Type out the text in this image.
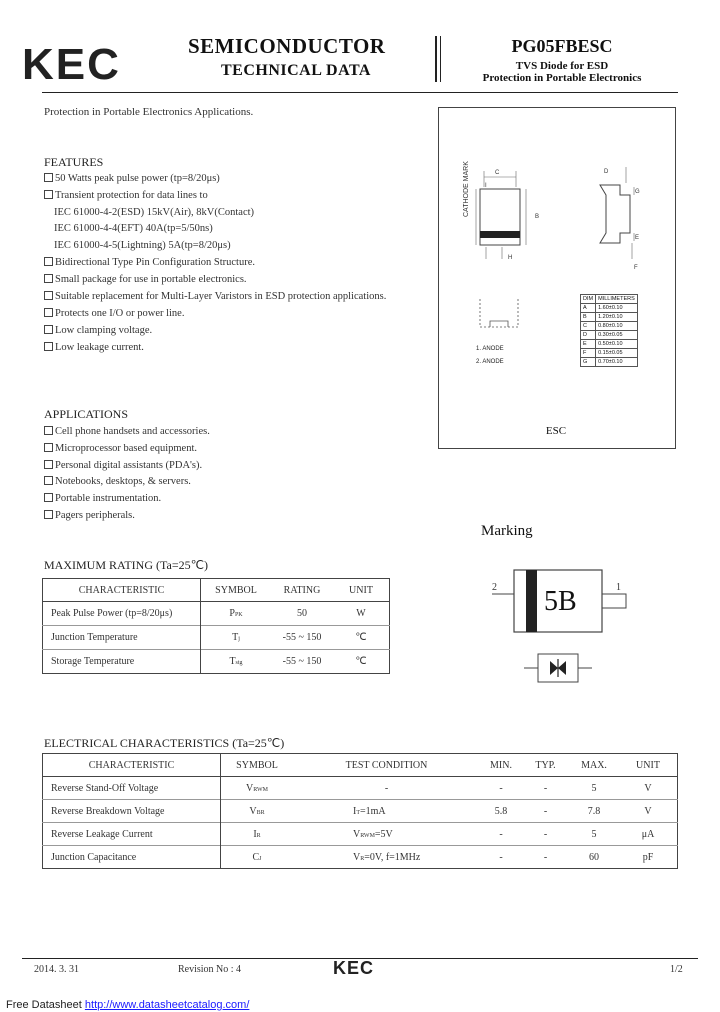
KEC	SEMICONDUCTOR
TECHNICAL DATA
PG05FBESC
TVS Diode for ESD
Protection in Portable Electronics
Protection in Portable Electronics Applications.
FEATURES
50 Watts peak pulse power (tp=8/20μs)
Transient protection for data lines to
IEC 61000-4-2(ESD) 15kV(Air), 8kV(Contact)
IEC 61000-4-4(EFT) 40A(tp=5/50ns)
IEC 61000-4-5(Lightning) 5A(tp=8/20μs)
Bidirectional Type Pin Configuration Structure.
Small package for use in portable electronics.
Suitable replacement for Multi-Layer Varistors in ESD protection applications.
Protects one I/O or power line.
Low clamping voltage.
Low leakage current.
APPLICATIONS
Cell phone handsets and accessories.
Microprocessor based equipment.
Personal digital assistants (PDA's).
Notebooks, desktops, & servers.
Portable instrumentation.
Pagers peripherals.
CATHODE MARK	C
I
B
H
D
G
E
F
1. ANODE
2. ANODE
DIM	MILLIMETERS
A	1.60±0.10
B	1.20±0.10
C	0.80±0.10
D	0.30±0.05
E	0.50±0.10
F	0.15±0.05
G	0.70±0.10
ESC
Marking
2	1
5B
MAXIMUM RATING (Ta=25℃)
CHARACTERISTIC	SYMBOL	RATING	UNIT
Peak Pulse Power (tp=8/20μs)	PPK	50	W
Junction Temperature	Tj	-55 ~ 150	℃
Storage Temperature	Tstg	-55 ~ 150	℃
ELECTRICAL CHARACTERISTICS (Ta=25℃)
CHARACTERISTIC	SYMBOL	TEST CONDITION	MIN.	TYP.	MAX.	UNIT
Reverse Stand-Off Voltage	VRWM	-	-	-	5	V
Reverse Breakdown Voltage	VBR	IT=1mA	5.8	-	7.8	V
Reverse Leakage Current	IR	VRWM=5V	-	-	5	μA
Junction Capacitance	CJ	VR=0V, f=1MHz	-	-	60	pF
2014. 3. 31	Revision No : 4	KEC	1/2
Free Datasheet http://www.datasheetcatalog.com/
